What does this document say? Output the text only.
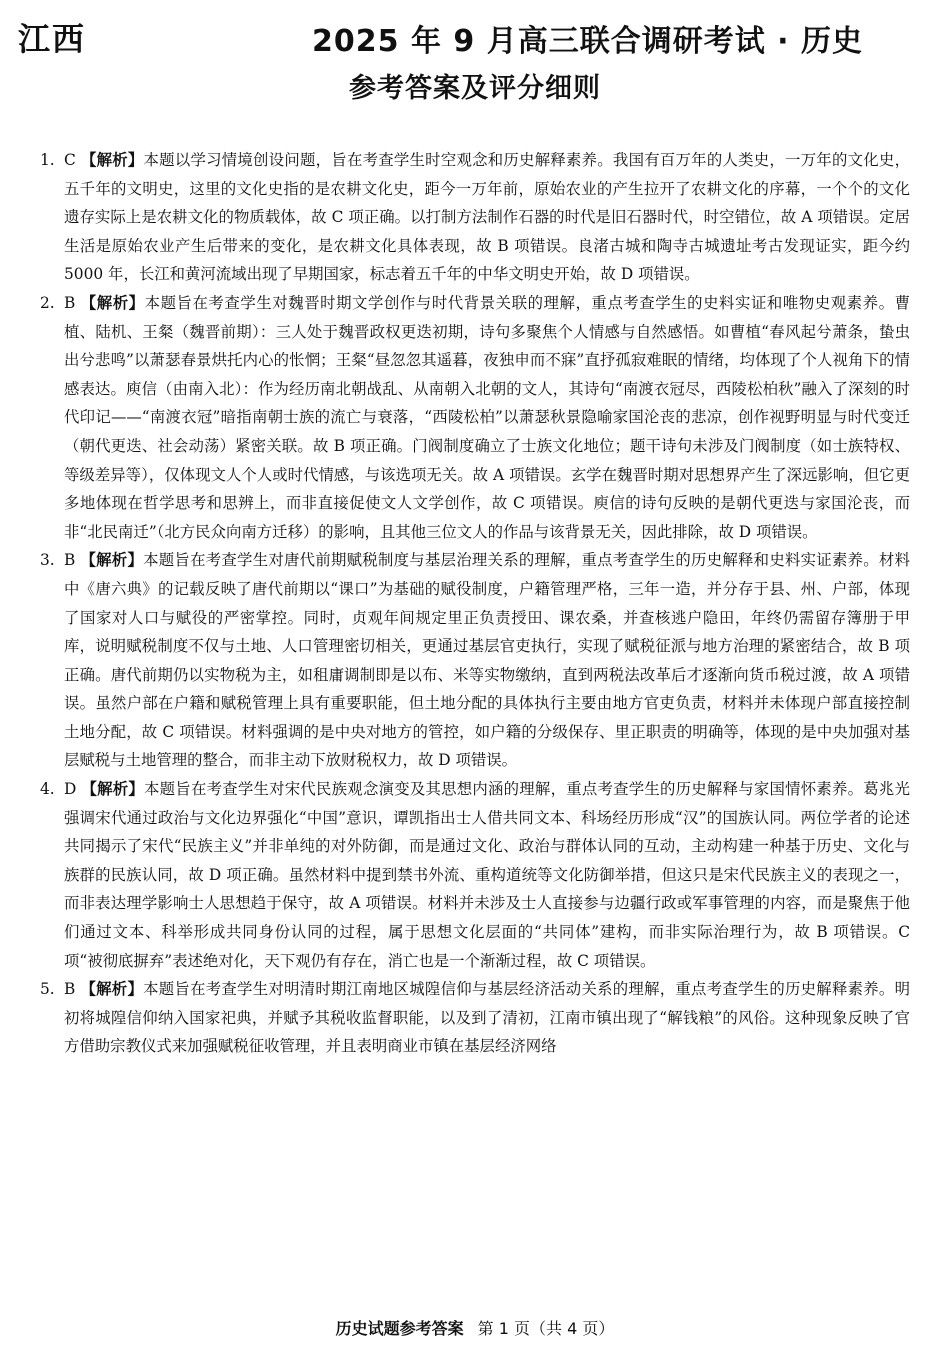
江西	2025 年 9 月高三联合调研考试 · 历史
参考答案及评分细则

1. C 【解析】本题以学习情境创设问题，旨在考查学生时空观念和历史解释素养。我国有百万年的人类史，一万年的文化史，五千年的文明史，这里的文化史指的是农耕文化史，距今一万年前，原始农业的产生拉开了农耕文化的序幕，一个个的文化遗存实际上是农耕文化的物质载体，故 C 项正确。以打制方法制作石器的时代是旧石器时代，时空错位，故 A 项错误。定居生活是原始农业产生后带来的变化，是农耕文化具体表现，故 B 项错误。良渚古城和陶寺古城遗址考古发现证实，距今约 5000 年，长江和黄河流域出现了早期国家，标志着五千年的中华文明史开始，故 D 项错误。

2. B 【解析】本题旨在考查学生对魏晋时期文学创作与时代背景关联的理解，重点考查学生的史料实证和唯物史观素养。曹植、陆机、王粲（魏晋前期）：三人处于魏晋政权更迭初期，诗句多聚焦个人情感与自然感悟。如曹植“春风起兮萧条，蛰虫出兮悲鸣”以萧瑟春景烘托内心的怅惘；王粲“昼忽忽其遥暮，夜独申而不寐”直抒孤寂难眠的情绪，均体现了个人视角下的情感表达。庾信（由南入北）：作为经历南北朝战乱、从南朝入北朝的文人，其诗句“南渡衣冠尽，西陵松柏秋”融入了深刻的时代印记——“南渡衣冠”暗指南朝士族的流亡与衰落，“西陵松柏”以萧瑟秋景隐喻家国沦丧的悲凉，创作视野明显与时代变迁（朝代更迭、社会动荡）紧密关联。故 B 项正确。门阀制度确立了士族文化地位；题干诗句未涉及门阀制度（如士族特权、等级差异等），仅体现文人个人或时代情感，与该选项无关。故 A 项错误。玄学在魏晋时期对思想界产生了深远影响，但它更多地体现在哲学思考和思辨上，而非直接促使文人文学创作，故 C 项错误。庾信的诗句反映的是朝代更迭与家国沦丧，而非“北民南迁”（北方民众向南方迁移）的影响，且其他三位文人的作品与该背景无关，因此排除，故 D 项错误。

3. B 【解析】本题旨在考查学生对唐代前期赋税制度与基层治理关系的理解，重点考查学生的历史解释和史料实证素养。材料中《唐六典》的记载反映了唐代前期以“课口”为基础的赋役制度，户籍管理严格，三年一造，并分存于县、州、户部，体现了国家对人口与赋役的严密掌控。同时，贞观年间规定里正负责授田、课农桑，并查核逃户隐田，年终仍需留存簿册于甲库，说明赋税制度不仅与土地、人口管理密切相关，更通过基层官吏执行，实现了赋税征派与地方治理的紧密结合，故 B 项正确。唐代前期仍以实物税为主，如租庸调制即是以布、米等实物缴纳，直到两税法改革后才逐渐向货币税过渡，故 A 项错误。虽然户部在户籍和赋税管理上具有重要职能，但土地分配的具体执行主要由地方官吏负责，材料并未体现户部直接控制土地分配，故 C 项错误。材料强调的是中央对地方的管控，如户籍的分级保存、里正职责的明确等，体现的是中央加强对基层赋税与土地管理的整合，而非主动下放财税权力，故 D 项错误。

4. D 【解析】本题旨在考查学生对宋代民族观念演变及其思想内涵的理解，重点考查学生的历史解释与家国情怀素养。葛兆光强调宋代通过政治与文化边界强化“中国”意识，谭凯指出士人借共同文本、科场经历形成“汉”的国族认同。两位学者的论述共同揭示了宋代“民族主义”并非单纯的对外防御，而是通过文化、政治与群体认同的互动，主动构建一种基于历史、文化与族群的民族认同，故 D 项正确。虽然材料中提到禁书外流、重构道统等文化防御举措，但这只是宋代民族主义的表现之一，而非表达理学影响士人思想趋于保守，故 A 项错误。材料并未涉及士人直接参与边疆行政或军事管理的内容，而是聚焦于他们通过文本、科举形成共同身份认同的过程，属于思想文化层面的“共同体”建构，而非实际治理行为，故 B 项错误。C 项“被彻底摒弃”表述绝对化，天下观仍有存在，消亡也是一个渐渐过程，故 C 项错误。

5. B 【解析】本题旨在考查学生对明清时期江南地区城隍信仰与基层经济活动关系的理解，重点考查学生的历史解释素养。明初将城隍信仰纳入国家祀典，并赋予其税收监督职能，以及到了清初，江南市镇出现了“解钱粮”的风俗。这种现象反映了官方借助宗教仪式来加强赋税征收管理，并且表明商业市镇在基层经济网络

历史试题参考答案 第 1 页（共 4 页）
